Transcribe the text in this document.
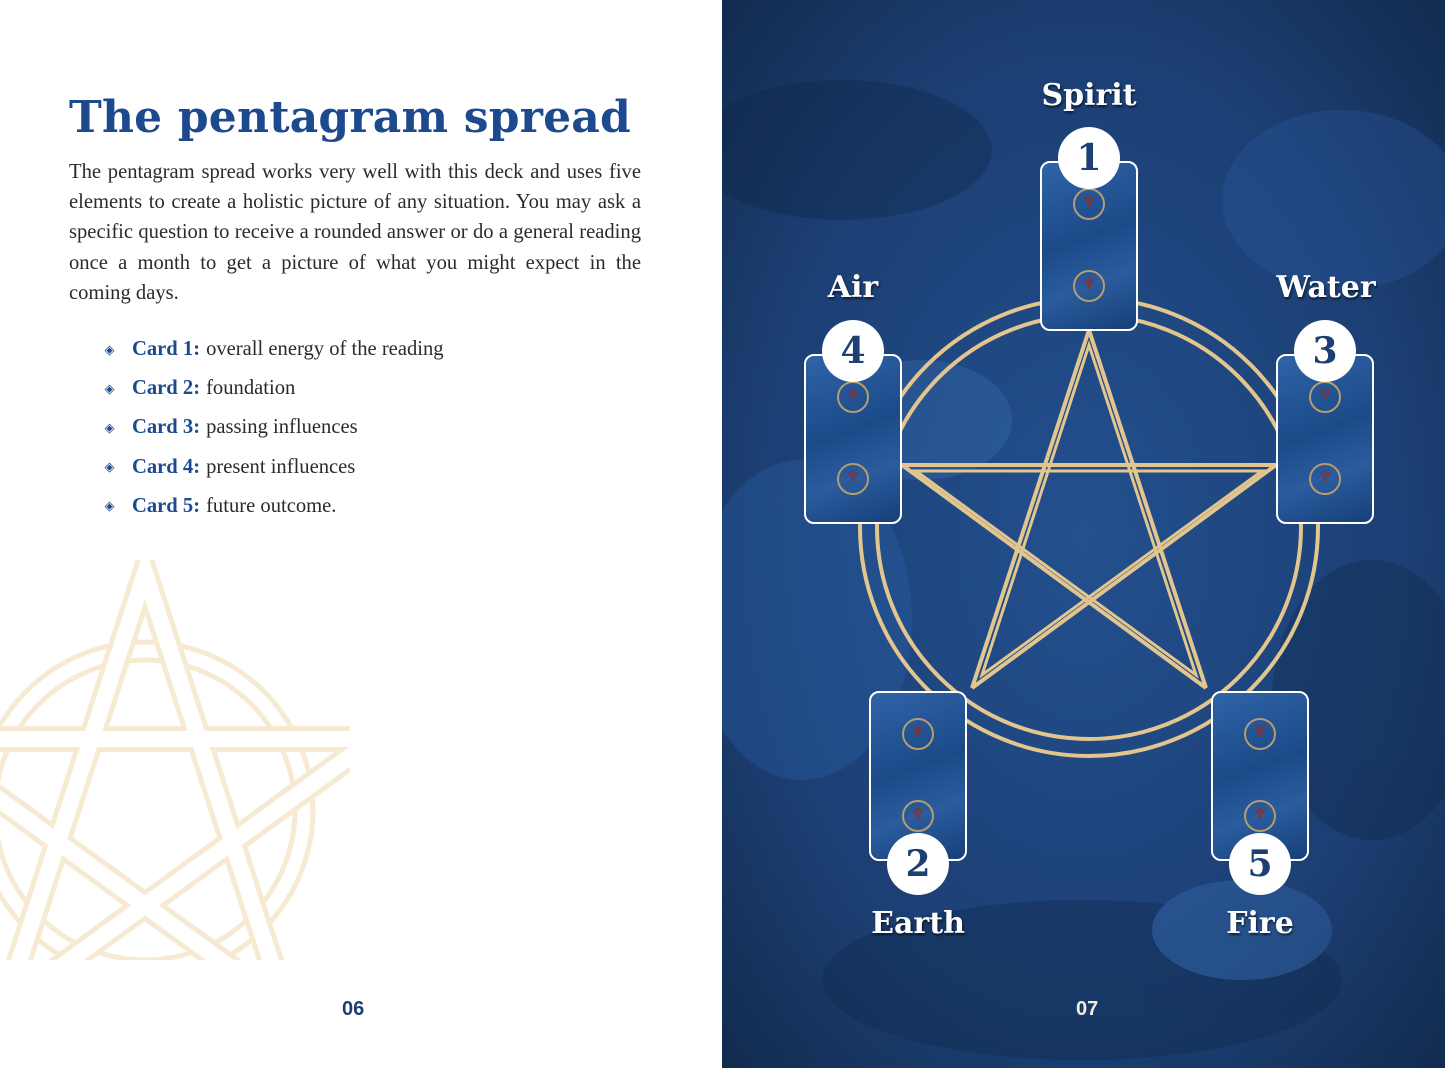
The pentagram spread

The pentagram spread works very well with this deck and uses five elements to create a holistic picture of any situation. You may ask a specific question to receive a rounded answer or do a general reading once a month to get a picture of what you might expect in the coming days.

◈ Card 1: overall energy of the reading
◈ Card 2: foundation
◈ Card 3: passing influences
◈ Card 4: present influences
◈ Card 5: future outcome.
06
♆
♆
♆
♆
♆
♆
♆
♆
♆
♆
1
4	3
2	5
Spirit
Air	Water
Earth	Fire
07
